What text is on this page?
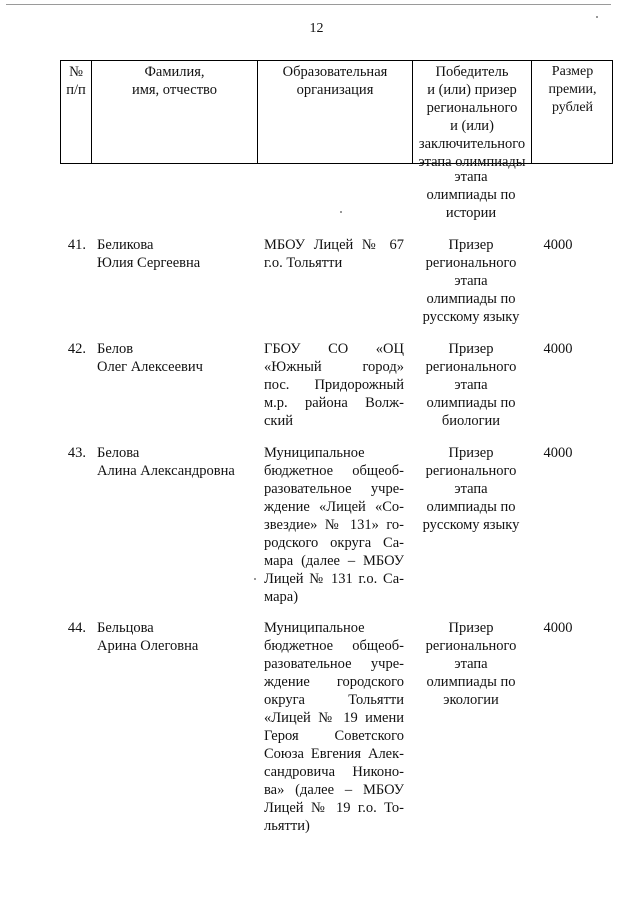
12
№
п/п
Фамилия,
имя, отчество
Образовательная
организация
Победитель
и (или) призер
регионального
и (или)
заключительного
этапа олимпиады
Размер
премии,
рублей
этапа
олимпиады по
истории
41. Беликова
Юлия Сергеевна
МБОУ Лицей № 67
г.о. Тольятти
Призер
регионального
этапа
олимпиады по
русскому языку
4000
42. Белов
Олег Алексеевич
ГБОУ СО «ОЦ
«Южный город»
пос. Придорожный
м.р. района Волж-
ский
Призер
регионального
этапа
олимпиады по
биологии
4000
43. Белова
Алина Александровна
Муниципальное
бюджетное общеоб-
разовательное учре-
ждение «Лицей «Со-
звездие» № 131» го-
родского округа Са-
мара (далее – МБОУ
Лицей № 131 г.о. Са-
мара)
Призер
регионального
этапа
олимпиады по
русскому языку
4000
44. Бельцова
Арина Олеговна
Муниципальное
бюджетное общеоб-
разовательное учре-
ждение городского
округа Тольятти
«Лицей № 19 имени
Героя Советского
Союза Евгения Алек-
сандровича Никоно-
ва» (далее – МБОУ
Лицей № 19 г.о. То-
льятти)
Призер
регионального
этапа
олимпиады по
экологии
4000
